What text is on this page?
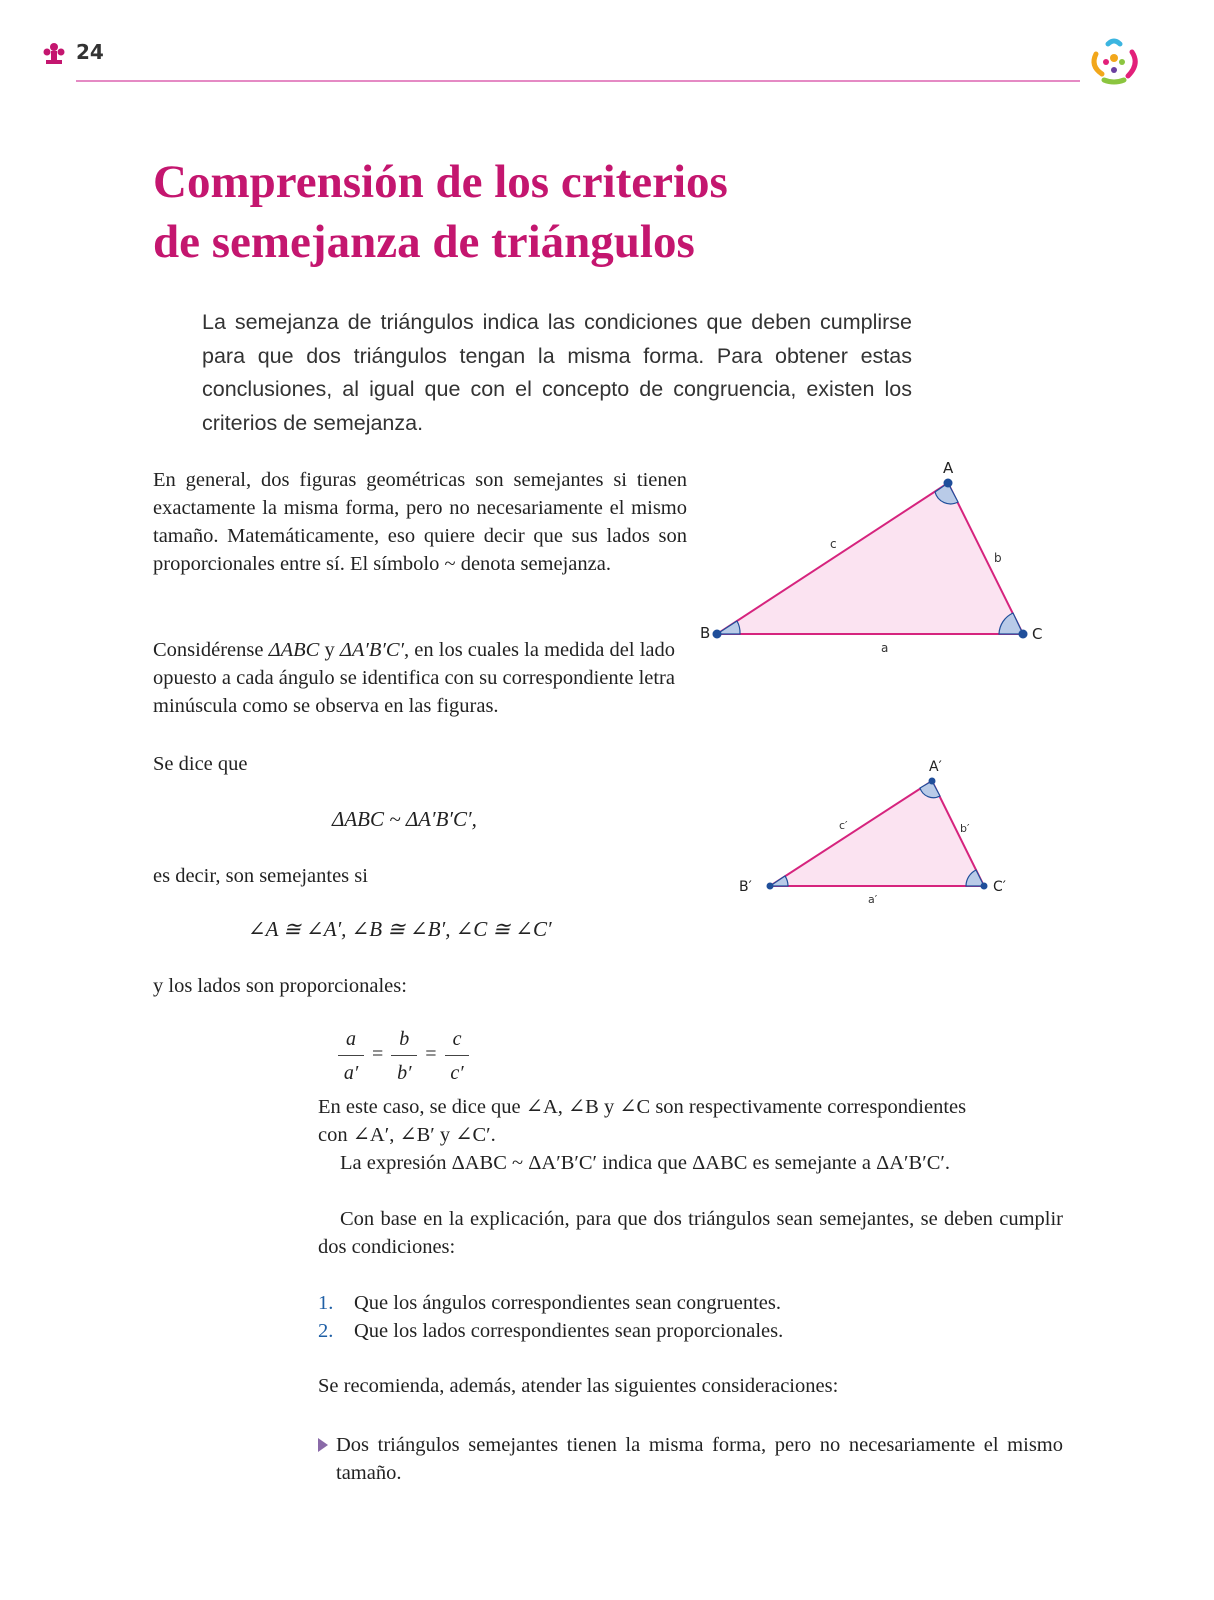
24
Comprensión de los criterios
de semejanza de triángulos

La semejanza de triángulos indica las condiciones que deben cumplirse para que dos triángulos tengan la misma forma. Para obtener estas conclusiones, al igual que con el concepto de congruencia, existen los criterios de semejanza.

En general, dos figuras geométricas son semejantes si tienen exactamente la misma forma, pero no necesariamente el mismo tamaño. Matemáticamente, eso quiere decir que sus lados son proporcionales entre sí. El símbolo ~ denota semejanza.

Considérense ΔABC y ΔA′B′C′, en los cuales la medida del lado opuesto a cada ángulo se identifica con su correspondiente letra minúscula como se observa en las figuras.

Se dice que

ΔABC ~ ΔA′B′C′,

es decir, son semejantes si

∠A ≅ ∠A′, ∠B ≅ ∠B′, ∠C ≅ ∠C′

y los lados son proporcionales:

$\frac{a}{a'} = \frac{b}{b'} = \frac{c}{c'}$

En este caso, se dice que ∠A, ∠B y ∠C son respectivamente correspondientes
con ∠A′, ∠B′ y ∠C′.

La expresión ΔABC ~ ΔA′B′C′ indica que ΔABC es semejante a ΔA′B′C′.

Con base en la explicación, para que dos triángulos sean semejantes, se deben cumplir dos condiciones:

1. Que los ángulos correspondientes sean congruentes.
2. Que los lados correspondientes sean proporcionales.

Se recomienda, además, atender las siguientes consideraciones:

Dos triángulos semejantes tienen la misma forma, pero no necesariamente el mismo tamaño.

A
B	C
a
b
c
A′
B′	C′
a′
b′
c′
